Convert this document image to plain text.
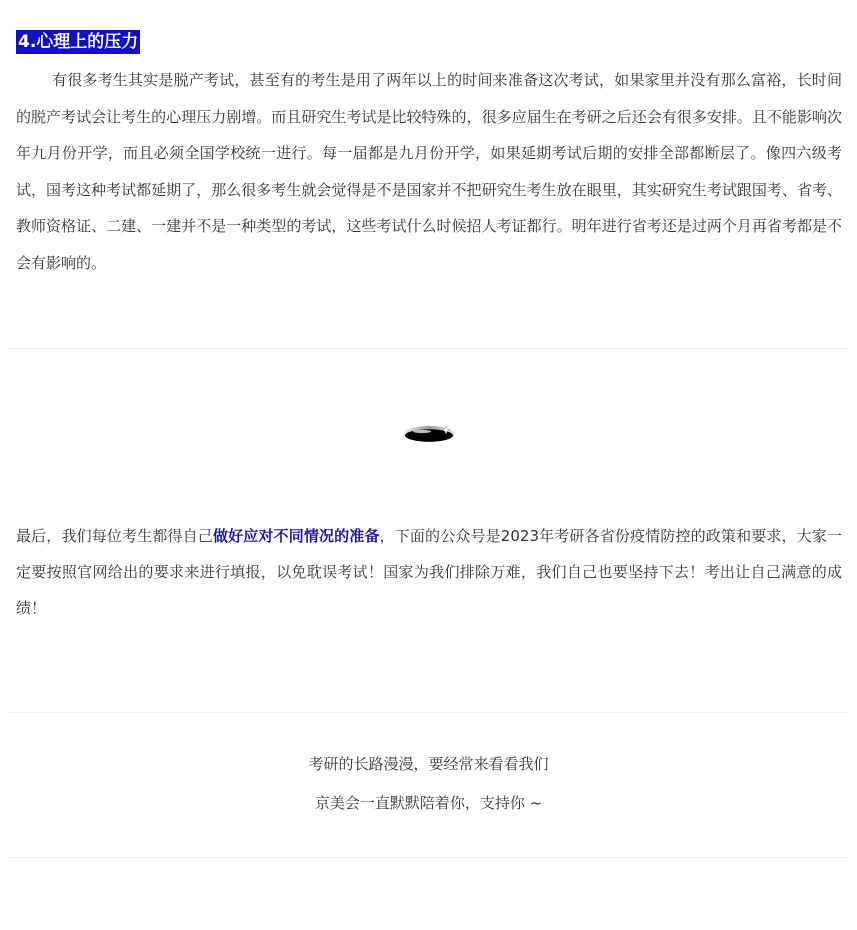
4.心理上的压力

有很多考生其实是脱产考试，甚至有的考生是用了两年以上的时间来准备这次考试，如果家里并没有那么富裕，长时间的脱产考试会让考生的心理压力剧增。而且研究生考试是比较特殊的，很多应届生在考研之后还会有很多安排。且不能影响次年九月份开学，而且必须全国学校统一进行。每一届都是九月份开学，如果延期考试后期的安排全部都断层了。像四六级考试，国考这种考试都延期了，那么很多考生就会觉得是不是国家并不把研究生考生放在眼里，其实研究生考试跟国考、省考、教师资格证、二建、一建并不是一种类型的考试，这些考试什么时候招人考证都行。明年进行省考还是过两个月再省考都是不会有影响的。

最后，我们每位考生都得自己做好应对不同情况的准备，下面的公众号是2023年考研各省份疫情防控的政策和要求，大家一定要按照官网给出的要求来进行填报，以免耽误考试！国家为我们排除万难，我们自己也要坚持下去！考出让自己满意的成绩！

考研的长路漫漫，要经常来看看我们
京美会一直默默陪着你，支持你 ~
